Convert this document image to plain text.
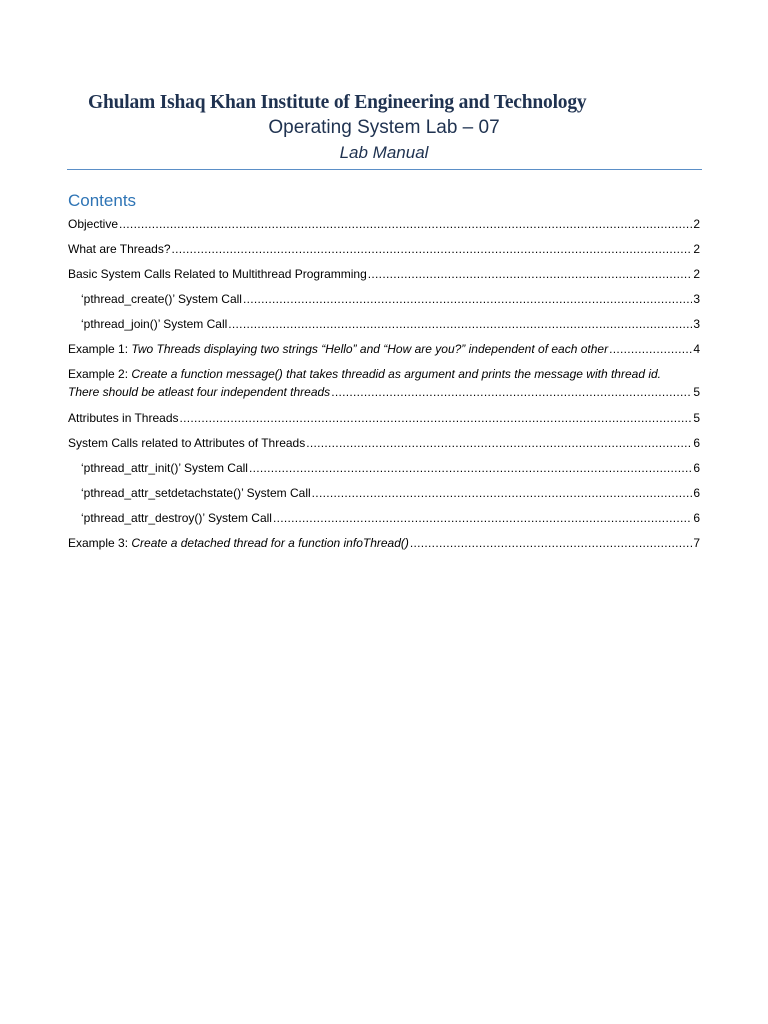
Ghulam Ishaq Khan Institute of Engineering and Technology
Operating System Lab – 07
Lab Manual
Contents
Objective .....	2
What are Threads? .....	2
Basic System Calls Related to Multithread Programming .....	2
‘pthread_create()’ System Call .....	3
‘pthread_join()’ System Call .....	3
Example 1: Two Threads displaying two strings “Hello” and “How are you?” independent of each other .....	4
Example 2: Create a function message() that takes threadid as argument and prints the message with thread id.
There should be atleast four independent threads .....	5
Attributes in Threads .....	5
System Calls related to Attributes of Threads .....	6
‘pthread_attr_init()’ System Call .....	6
‘pthread_attr_setdetachstate()’ System Call .....	6
‘pthread_attr_destroy()’ System Call .....	6
Example 3: Create a detached thread for a function infoThread() .....	7
